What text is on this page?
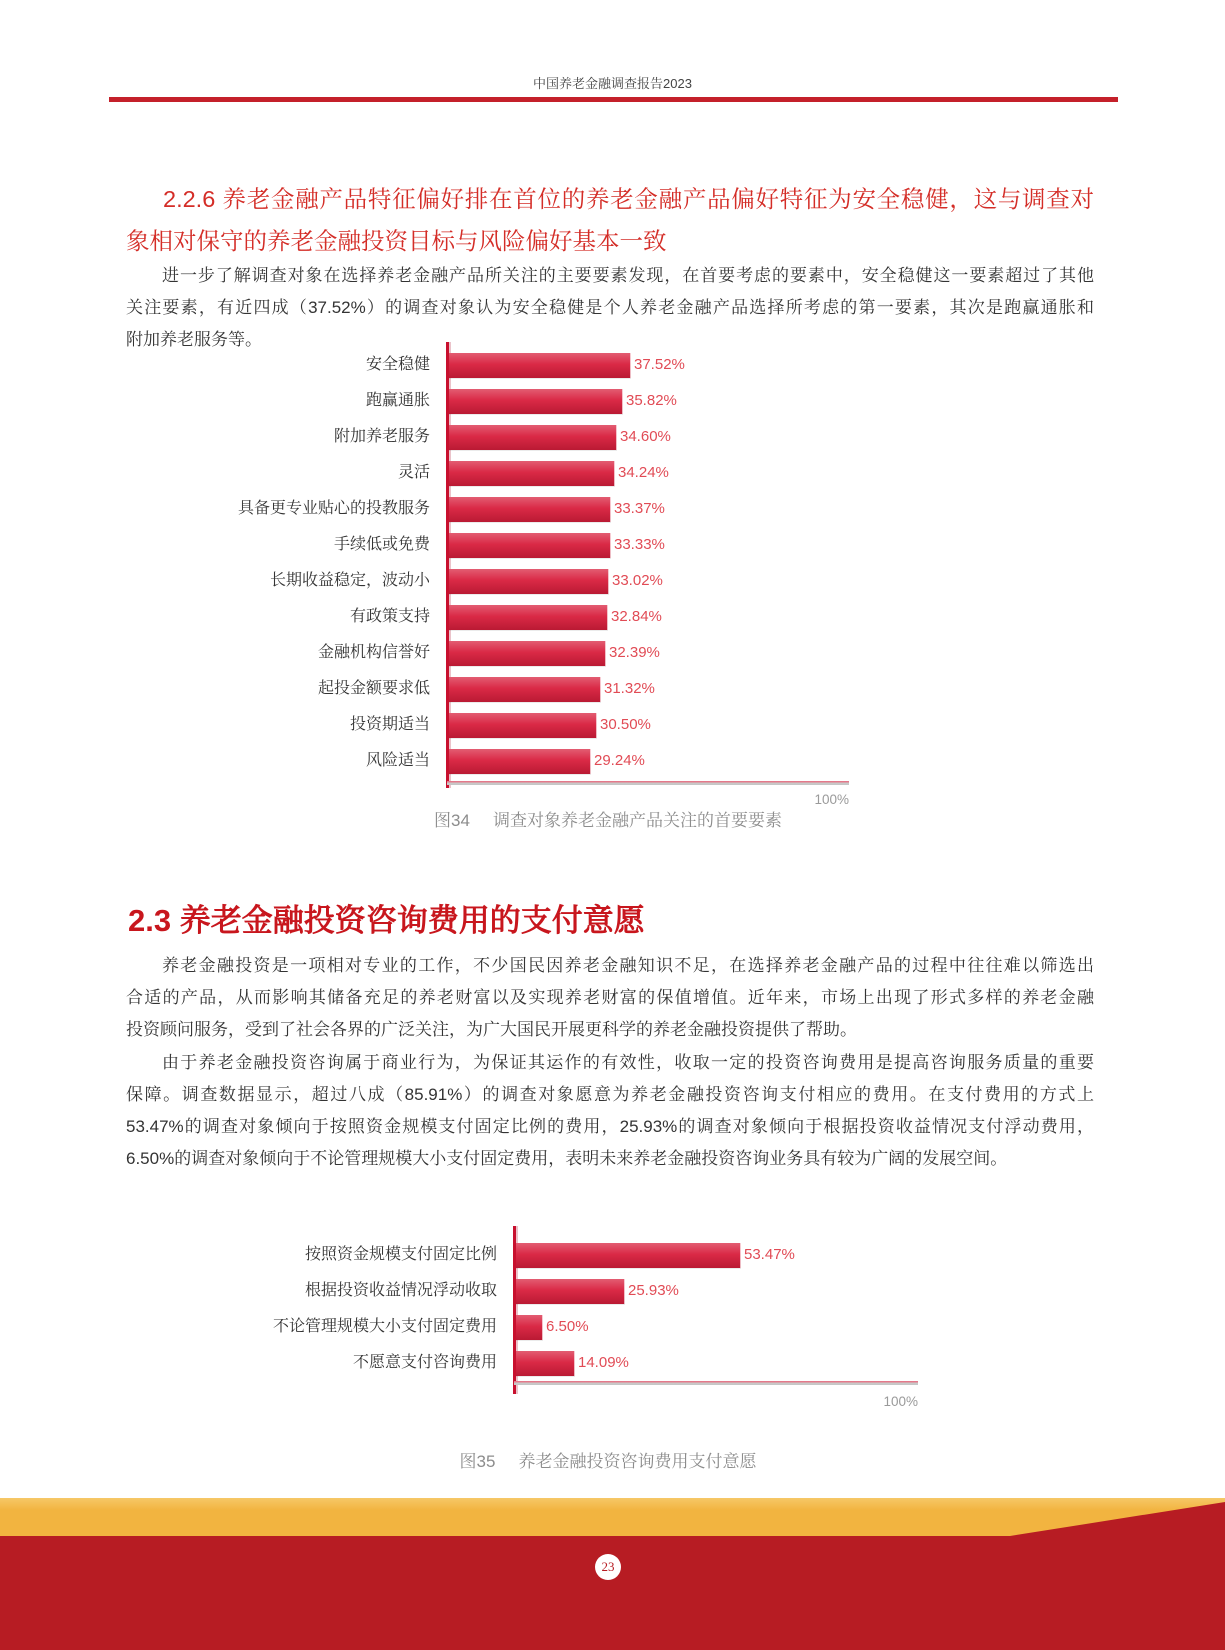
中国养老金融调查报告2023
2.2.6 养老金融产品特征偏好排在首位的养老金融产品偏好特征为安全稳健，这与调查对
象相对保守的养老金融投资目标与风险偏好基本一致
进一步了解调查对象在选择养老金融产品所关注的主要要素发现，在首要考虑的要素中，安全稳健这一要素超过了其他
关注要素，有近四成（37.52%）的调查对象认为安全稳健是个人养老金融产品选择所考虑的第一要素，其次是跑赢通胀和
附加养老服务等。
100%
安全稳健	37.52%
跑赢通胀	35.82%
附加养老服务	34.60%
灵活	34.24%
具备更专业贴心的投教服务	33.37%
手续低或免费	33.33%
长期收益稳定，波动小	33.02%
有政策支持	32.84%
金融机构信誉好	32.39%
起投金额要求低	31.32%
投资期适当	30.50%
风险适当	29.24%
图34 调查对象养老金融产品关注的首要要素
2.3 养老金融投资咨询费用的支付意愿
养老金融投资是一项相对专业的工作，不少国民因养老金融知识不足，在选择养老金融产品的过程中往往难以筛选出
合适的产品，从而影响其储备充足的养老财富以及实现养老财富的保值增值。近年来，市场上出现了形式多样的养老金融
投资顾问服务，受到了社会各界的广泛关注，为广大国民开展更科学的养老金融投资提供了帮助。
由于养老金融投资咨询属于商业行为，为保证其运作的有效性，收取一定的投资咨询费用是提高咨询服务质量的重要
保障。调查数据显示，超过八成（85.91%）的调查对象愿意为养老金融投资咨询支付相应的费用。在支付费用的方式上
53.47%的调查对象倾向于按照资金规模支付固定比例的费用，25.93%的调查对象倾向于根据投资收益情况支付浮动费用，
6.50%的调查对象倾向于不论管理规模大小支付固定费用，表明未来养老金融投资咨询业务具有较为广阔的发展空间。
100%
按照资金规模支付固定比例	53.47%
根据投资收益情况浮动收取	25.93%
不论管理规模大小支付固定费用	6.50%
不愿意支付咨询费用	14.09%
图35 养老金融投资咨询费用支付意愿
23
